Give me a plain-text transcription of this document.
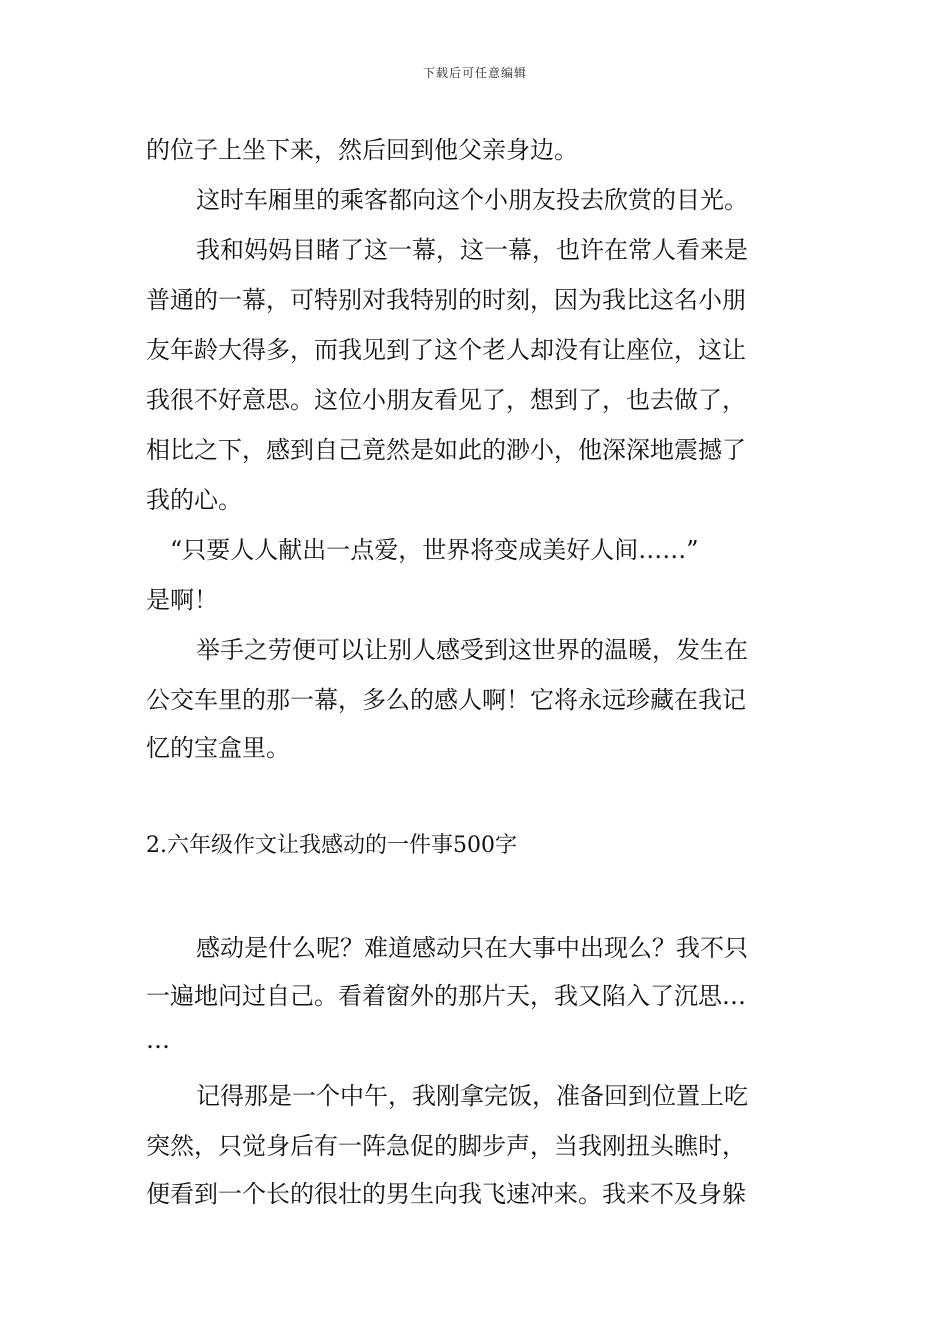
下载后可任意编辑
的位子上坐下来，然后回到他父亲身边。
这时车厢里的乘客都向这个小朋友投去欣赏的目光。
我和妈妈目睹了这一幕，这一幕，也许在常人看来是
普通的一幕，可特别对我特别的时刻，因为我比这名小朋
友年龄大得多，而我见到了这个老人却没有让座位，这让
我很不好意思。这位小朋友看见了，想到了，也去做了，
相比之下，感到自己竟然是如此的渺小，他深深地震撼了
我的心。
“只要人人献出一点爱，世界将变成美好人间……”
是啊！
举手之劳便可以让别人感受到这世界的温暖，发生在
公交车里的那一幕，多么的感人啊！它将永远珍藏在我记
忆的宝盒里。
2.六年级作文让我感动的一件事500字
感动是什么呢？难道感动只在大事中出现么？我不只
一遍地问过自己。看着窗外的那片天，我又陷入了沉思…
…
记得那是一个中午，我刚拿完饭，准备回到位置上吃
突然，只觉身后有一阵急促的脚步声，当我刚扭头瞧时，
便看到一个长的很壮的男生向我飞速冲来。我来不及身躲
